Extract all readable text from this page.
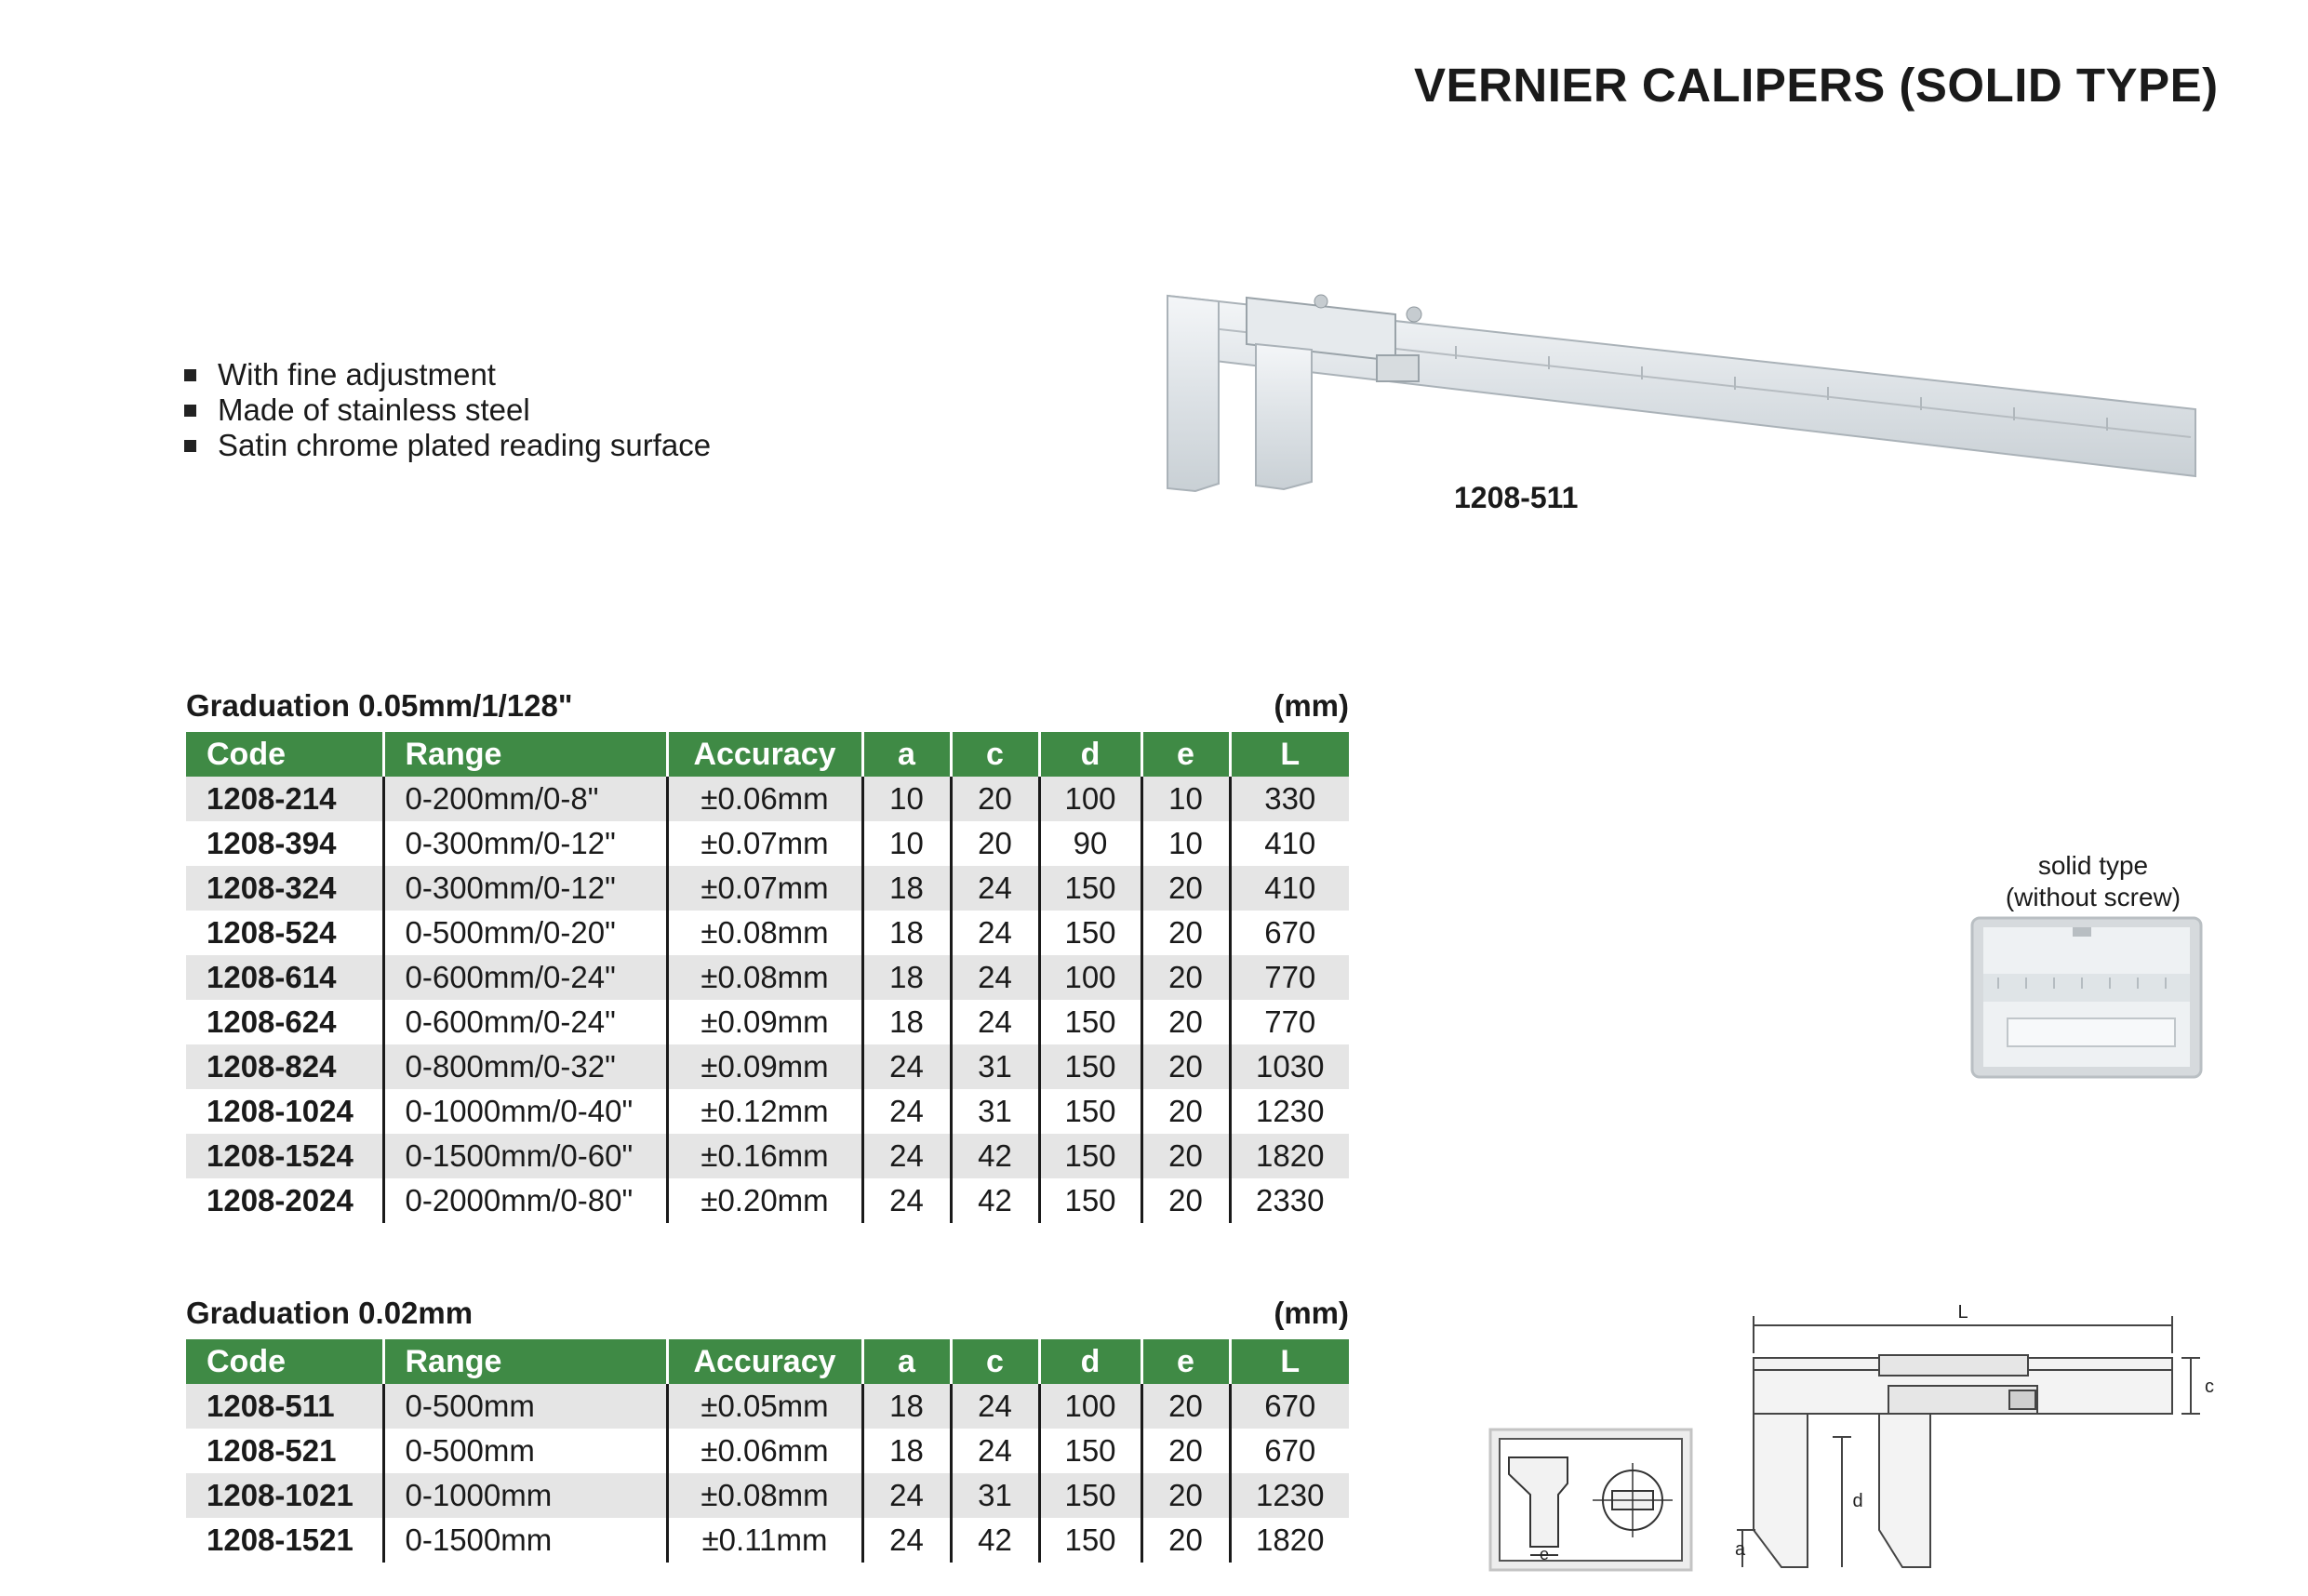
VERNIER CALIPERS (SOLID TYPE)
With fine adjustment
Made of stainless steel
Satin chrome plated reading surface
1208-511
Graduation 0.05mm/1/128"	(mm)
Code	Range	Accuracy	a	c	d	e	L
1208-214	0-200mm/0-8"	±0.06mm	10	20	100	10	330
1208-394	0-300mm/0-12"	±0.07mm	10	20	90	10	410
1208-324	0-300mm/0-12"	±0.07mm	18	24	150	20	410
1208-524	0-500mm/0-20"	±0.08mm	18	24	150	20	670
1208-614	0-600mm/0-24"	±0.08mm	18	24	100	20	770
1208-624	0-600mm/0-24"	±0.09mm	18	24	150	20	770
1208-824	0-800mm/0-32"	±0.09mm	24	31	150	20	1030
1208-1024	0-1000mm/0-40"	±0.12mm	24	31	150	20	1230
1208-1524	0-1500mm/0-60"	±0.16mm	24	42	150	20	1820
1208-2024	0-2000mm/0-80"	±0.20mm	24	42	150	20	2330
Graduation 0.02mm	(mm)
Code	Range	Accuracy	a	c	d	e	L
1208-511	0-500mm	±0.05mm	18	24	100	20	670
1208-521	0-500mm	±0.06mm	18	24	150	20	670
1208-1021	0-1000mm	±0.08mm	24	31	150	20	1230
1208-1521	0-1500mm	±0.11mm	24	42	150	20	1820
solid type
(without screw)
e
L
c
d
a
